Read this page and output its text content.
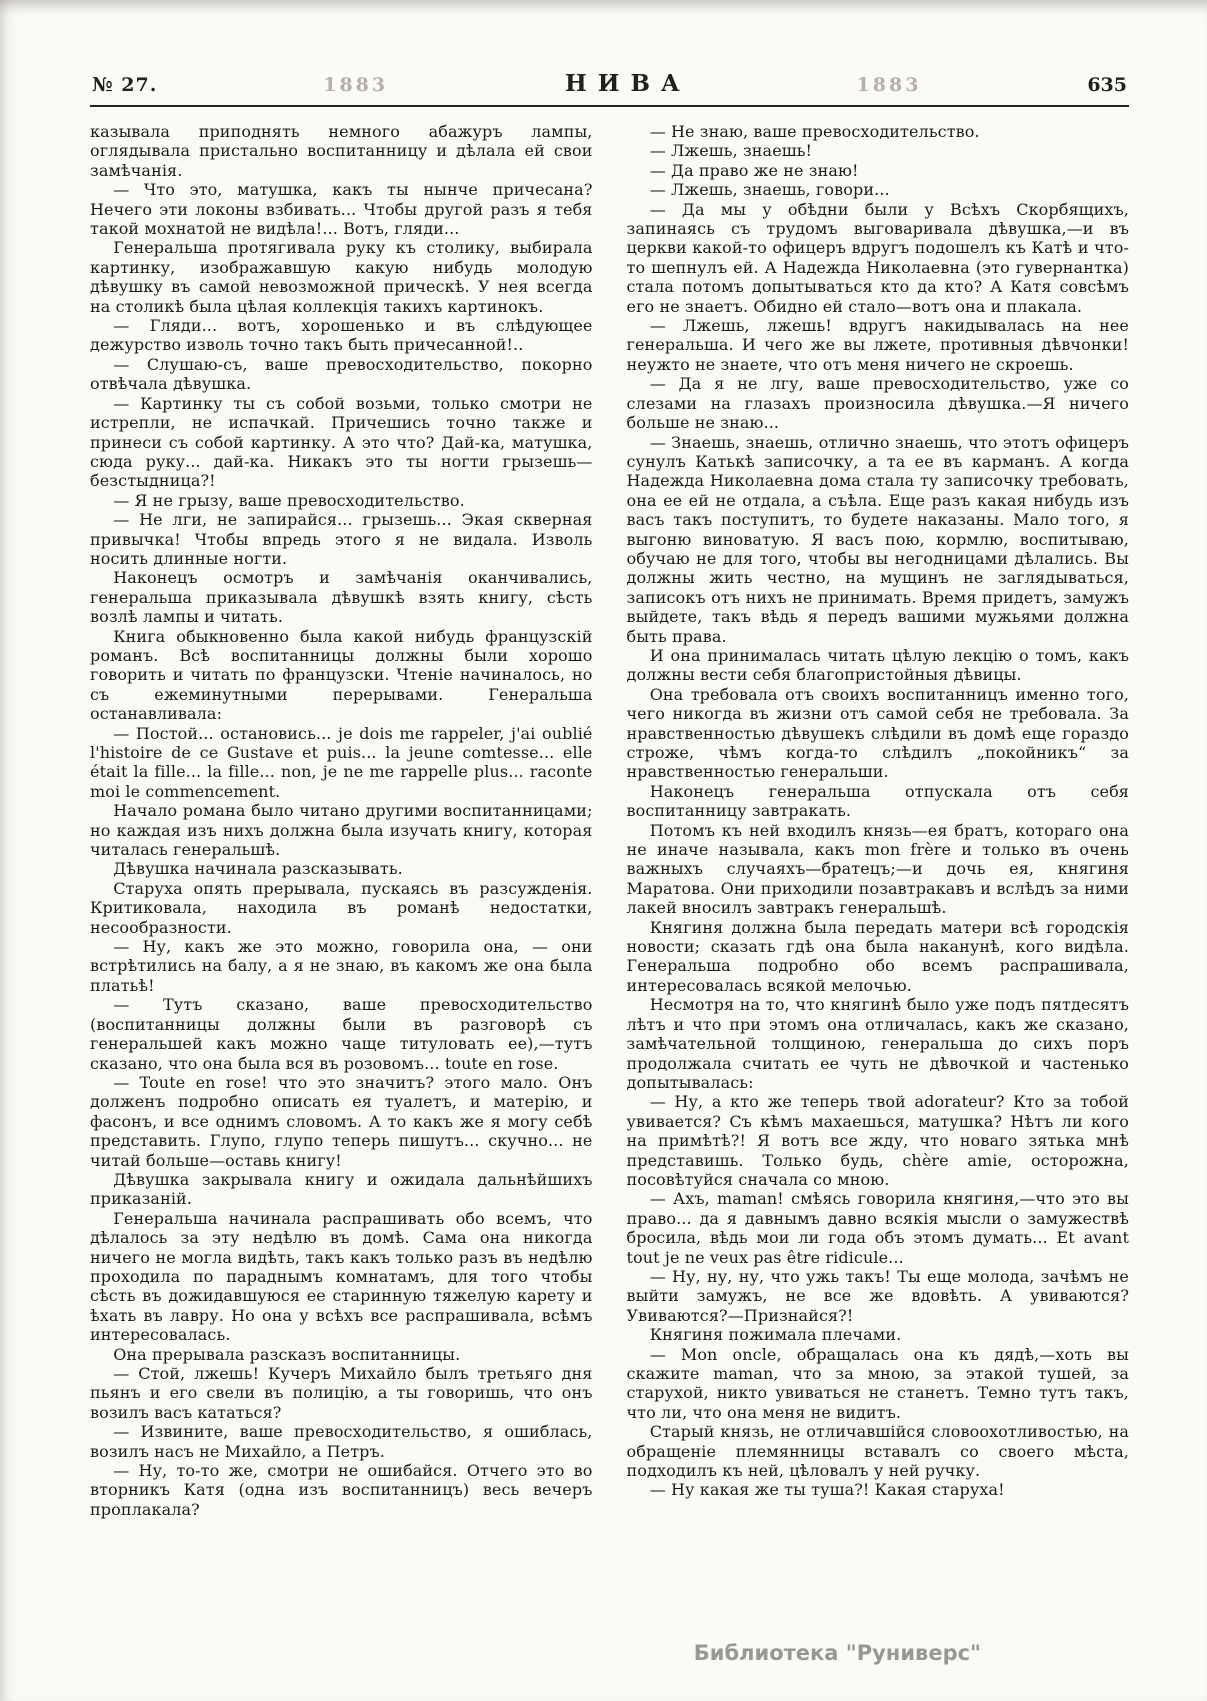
№ 27.	1883	НИВА	1883	635

казывала приподнять немного абажуръ лампы, оглядывала пристально воспитанницу и дѣлала ей свои замѣчанія.

— Что это, матушка, какъ ты нынче причесана? Нечего эти локоны взбивать... Чтобы другой разъ я тебя такой мохнатой не видѣла!... Вотъ, гляди...

Генеральша протягивала руку къ столику, выбирала картинку, изображавшую какую нибудь молодую дѣвушку въ самой невозможной прическѣ. У нея всегда на столикѣ была цѣлая коллекція такихъ картинокъ.

— Гляди... вотъ, хорошенько и въ слѣдующее дежурство изволь точно такъ быть причесанной!..

— Слушаю-съ, ваше превосходительство, покорно отвѣчала дѣвушка.

— Картинку ты съ собой возьми, только смотри не истрепли, не испачкай. Причешись точно также и принеси съ собой картинку. А это что? Дай-ка, матушка, сюда руку... дай-ка. Никакъ это ты ногти грызешь—безстыдница?!

— Я не грызу, ваше превосходительство.

— Не лги, не запирайся... грызешь... Экая скверная привычка! Чтобы впредь этого я не видала. Изволь носить длинные ногти.

Наконецъ осмотръ и замѣчанія оканчивались, генеральша приказывала дѣвушкѣ взять книгу, сѣсть возлѣ лампы и читать.

Книга обыкновенно была какой нибудь французскій романъ. Всѣ воспитанницы должны были хорошо говорить и читать по французски. Чтеніе начиналось, но съ ежеминутными перерывами. Генеральша останавливала:

— Постой... остановись... je dois me rappeler, j'ai oublié l'histoire de ce Gustave et puis... la jeune comtesse... elle était la fille... la fille... non, je ne me rappelle plus... raconte moi le commencement.

Начало романа было читано другими воспитанницами; но каждая изъ нихъ должна была изучать книгу, которая читалась генеральшѣ.

Дѣвушка начинала разсказывать.

Старуха опять прерывала, пускаясь въ разсужденія. Критиковала, находила въ романѣ недостатки, несообразности.

— Ну, какъ же это можно, говорила она, — они встрѣтились на балу, а я не знаю, въ какомъ же она была платьѣ!

— Тутъ сказано, ваше превосходительство (воспитанницы должны были въ разговорѣ съ генеральшей какъ можно чаще титуловать ее),—тутъ сказано, что она была вся въ розовомъ... toute en rose.

— Toute en rose! что это значитъ? этого мало. Онъ долженъ подробно описать ея туалетъ, и матерію, и фасонъ, и все однимъ словомъ. А то какъ же я могу себѣ представить. Глупо, глупо теперь пишутъ... скучно... не читай больше—оставь книгу!

Дѣвушка закрывала книгу и ожидала дальнѣйшихъ приказаній.

Генеральша начинала распрашивать обо всемъ, что дѣлалось за эту недѣлю въ домѣ. Сама она никогда ничего не могла видѣть, такъ какъ только разъ въ недѣлю проходила по параднымъ комнатамъ, для того чтобы сѣсть въ дожидавшуюся ее старинную тяжелую карету и ѣхать въ лавру. Но она у всѣхъ все распрашивала, всѣмъ интересовалась.

Она прерывала разсказъ воспитанницы.

— Стой, лжешь! Кучеръ Михайло былъ третьяго дня пьянъ и его свели въ полицію, а ты говоришь, что онъ возилъ васъ кататься?

— Извините, ваше превосходительство, я ошиблась, возилъ насъ не Михайло, а Петръ.

— Ну, то-то же, смотри не ошибайся. Отчего это во вторникъ Катя (одна изъ воспитанницъ) весь вечеръ проплакала?

— Не знаю, ваше превосходительство.

— Лжешь, знаешь!

— Да право же не знаю!

— Лжешь, знаешь, говори...

— Да мы у обѣдни были у Всѣхъ Скорбящихъ, запинаясь съ трудомъ выговаривала дѣвушка,—и въ церкви какой-то офицеръ вдругъ подошелъ къ Катѣ и что-то шепнулъ ей. А Надежда Николаевна (это гувернантка) стала потомъ допытываться кто да кто? А Катя совсѣмъ его не знаетъ. Обидно ей стало—вотъ она и плакала.

— Лжешь, лжешь! вдругъ накидывалась на нее генеральша. И чего же вы лжете, противныя дѣвчонки! неужто не знаете, что отъ меня ничего не скроешь.

— Да я не лгу, ваше превосходительство, уже со слезами на глазахъ произносила дѣвушка.—Я ничего больше не знаю...

— Знаешь, знаешь, отлично знаешь, что этотъ офицеръ сунулъ Катькѣ записочку, а та ее въ карманъ. А когда Надежда Николаевна дома стала ту записочку требовать, она ее ей не отдала, а съѣла. Еще разъ какая нибудь изъ васъ такъ поступитъ, то будете наказаны. Мало того, я выгоню виноватую. Я васъ пою, кормлю, воспитываю, обучаю не для того, чтобы вы негодницами дѣлались. Вы должны жить честно, на мущинъ не заглядываться, записокъ отъ нихъ не принимать. Время придетъ, замужъ выйдете, такъ вѣдь я передъ вашими мужьями должна быть права.

И она принималась читать цѣлую лекцію о томъ, какъ должны вести себя благопристойныя дѣвицы.

Она требовала отъ своихъ воспитанницъ именно того, чего никогда въ жизни отъ самой себя не требовала. За нравственностью дѣвушекъ слѣдили въ домѣ еще гораздо строже, чѣмъ когда-то слѣдилъ „покойникъ“ за нравственностью генеральши.

Наконецъ генеральша отпускала отъ себя воспитанницу завтракать.

Потомъ къ ней входилъ князь—ея братъ, котораго она не иначе называла, какъ mon frère и только въ очень важныхъ случаяхъ—братецъ;—и дочь ея, княгиня Маратова. Они приходили позавтракавъ и вслѣдъ за ними лакей вносилъ завтракъ генеральшѣ.

Княгиня должна была передать матери всѣ городскія новости; сказать гдѣ она была наканунѣ, кого видѣла. Генеральша подробно обо всемъ распрашивала, интересовалась всякой мелочью.

Несмотря на то, что княгинѣ было уже подъ пятдесятъ лѣтъ и что при этомъ она отличалась, какъ же сказано, замѣчательной толщиною, генеральша до сихъ поръ продолжала считать ее чуть не дѣвочкой и частенько допытывалась:

— Ну, а кто же теперь твой adorateur? Кто за тобой увивается? Съ кѣмъ махаешься, матушка? Нѣтъ ли кого на примѣтѣ?! Я вотъ все жду, что новаго зятька мнѣ представишь. Только будь, chère amie, осторожна, посовѣтуйся сначала со мною.

— Ахъ, maman! смѣясь говорила княгиня,—что это вы право... да я давнымъ давно всякія мысли о замужествѣ бросила, вѣдь мои ли года объ этомъ думать... Et avant tout je ne veux pas être ridicule...

— Ну, ну, ну, что ужь такъ! Ты еще молода, зачѣмъ не выйти замужъ, не все же вдовѣть. А увиваются? Увиваются?—Признайся?!

Княгиня пожимала плечами.

— Mon oncle, обращалась она къ дядѣ,—хоть вы скажите maman, что за мною, за этакой тушей, за старухой, никто увиваться не станетъ. Темно тутъ такъ, что ли, что она меня не видитъ.

Старый князь, не отличавшійся словоохотливостью, на обращеніе племянницы вставалъ со своего мѣста, подходилъ къ ней, цѣловалъ у ней ручку.

— Ну какая же ты туша?! Какая старуха!

Библиотека "Руниверс"
